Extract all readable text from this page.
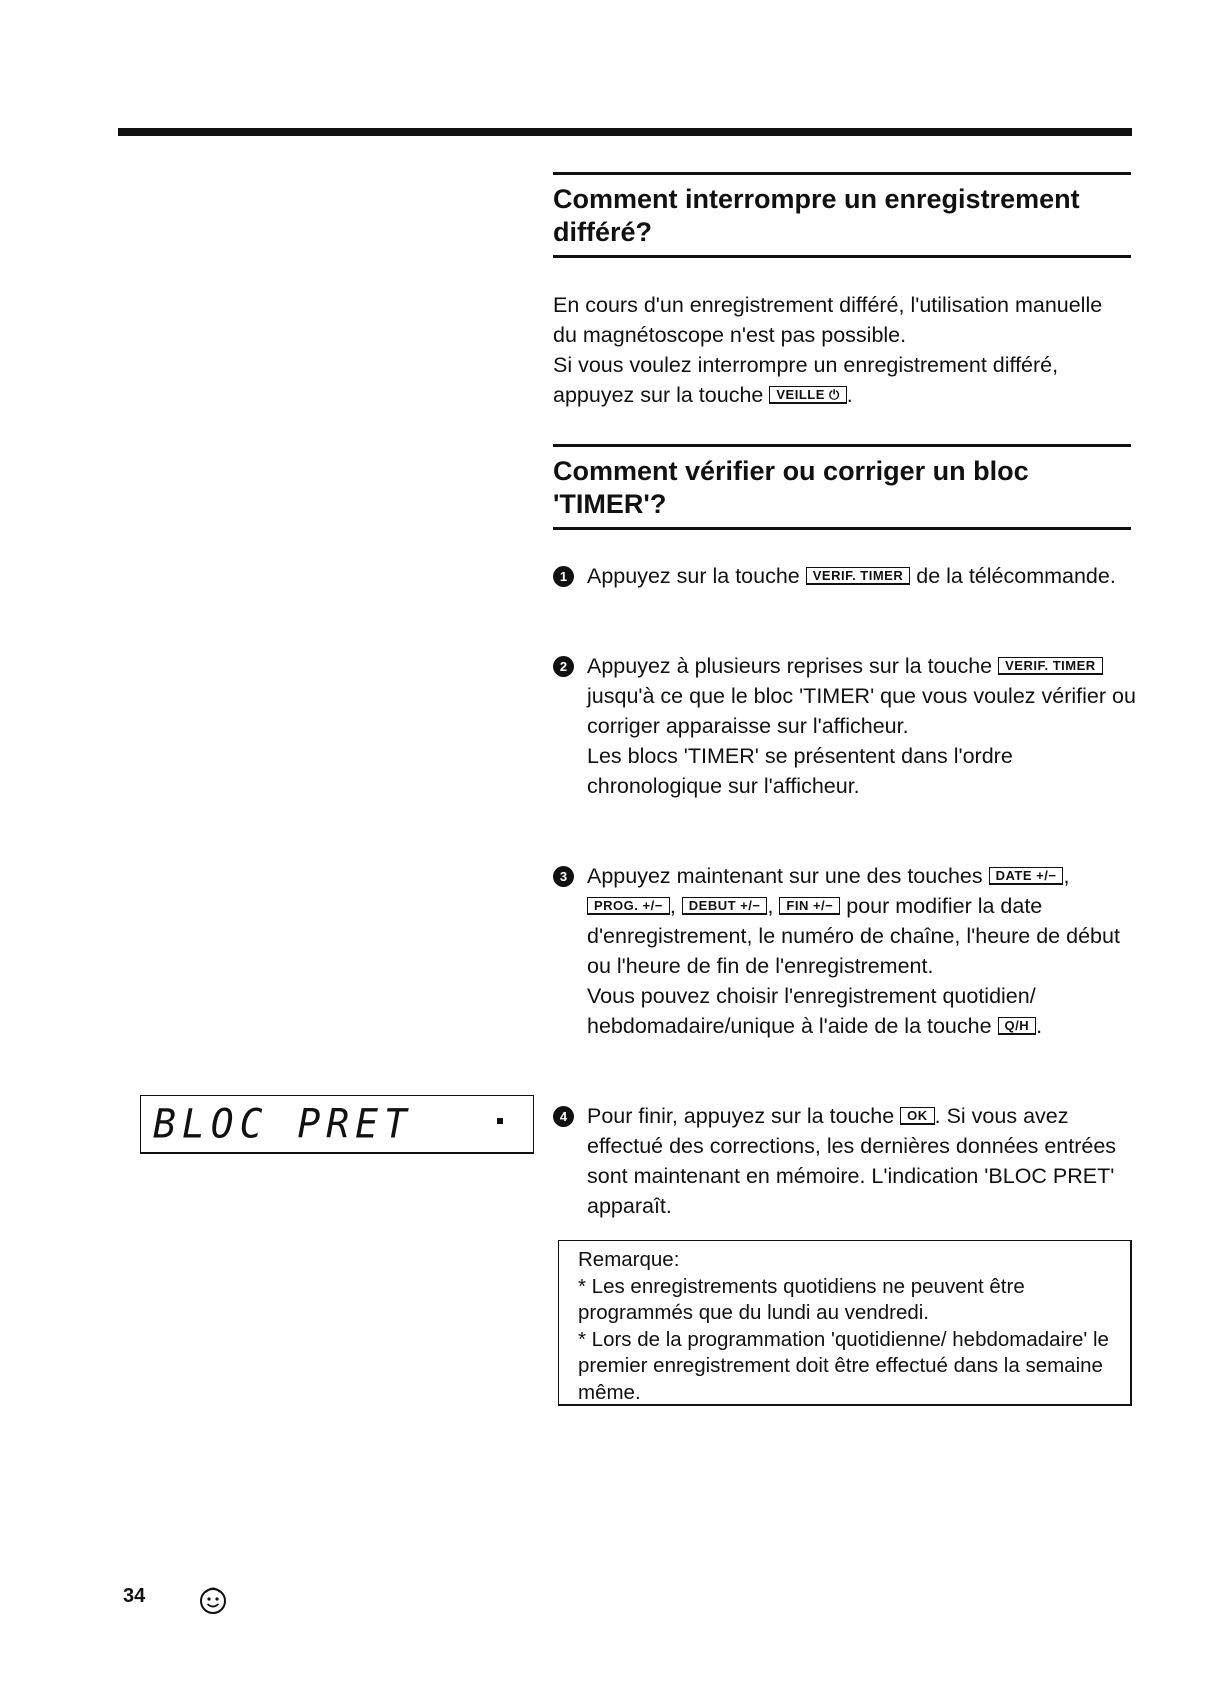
Comment interrompre un enregistrement différé?

En cours d'un enregistrement différé, l'utilisation manuelle du magnétoscope n'est pas possible.

Si vous voulez interrompre un enregistrement différé, appuyez sur la touche VEILLE ⏻ .

Comment vérifier ou corriger un bloc 'TIMER'?
1 Appuyez sur la touche VERIF. TIMER de la télécommande.

2 Appuyez à plusieurs reprises sur la touche VERIF. TIMER jusqu'à ce que le bloc 'TIMER' que vous voulez vérifier ou corriger apparaisse sur l'afficheur.

Les blocs 'TIMER' se présentent dans l'ordre chronologique sur l'afficheur.

3 Appuyez maintenant sur une des touches DATE +/− , PROG. +/− , DEBUT +/− , FIN +/− pour modifier la date d'enregistrement, le numéro de chaîne, l'heure de début ou l'heure de fin de l'enregistrement.

Vous pouvez choisir l'enregistrement quotidien/ hebdomadaire/unique à l'aide de la touche Q/H .

4 Pour finir, appuyez sur la touche OK . Si vous avez effectué des corrections, les dernières données entrées sont maintenant en mémoire. L'indication 'BLOC PRET' apparaît.

BLOC PRET

Remarque:

* Les enregistrements quotidiens ne peuvent être programmés que du lundi au vendredi.

* Lors de la programmation 'quotidienne/ hebdomadaire' le premier enregistrement doit être effectué dans la semaine même.

34
